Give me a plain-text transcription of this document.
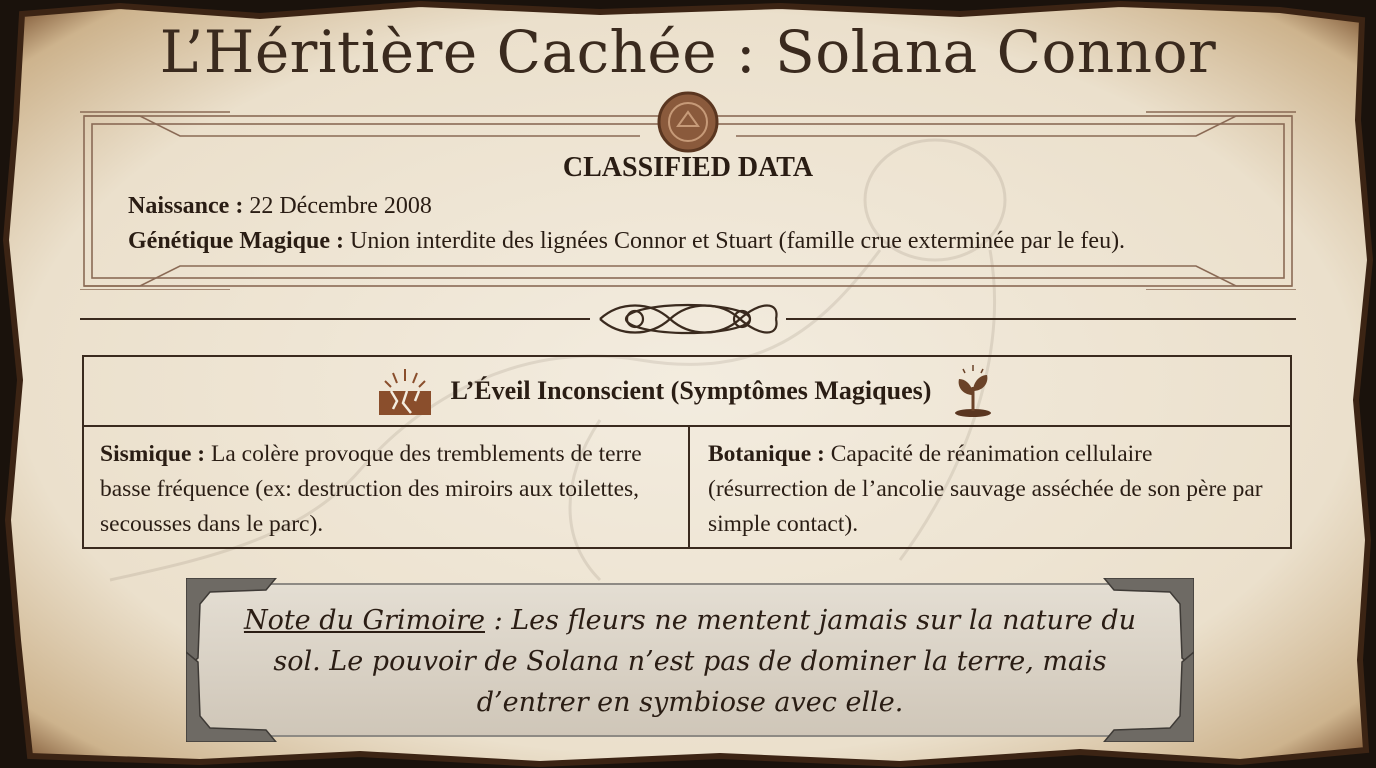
L’Héritière Cachée : Solana Connor
CLASSIFIED DATA
Naissance : 22 Décembre 2008
Génétique Magique : Union interdite des lignées Connor et Stuart (famille crue exterminée par le feu).
L’Éveil Inconscient (Symptômes Magiques)
Sismique : La colère provoque des tremblements de terre basse fréquence (ex: destruction des miroirs aux toilettes, secousses dans le parc).
Botanique : Capacité de réanimation cellulaire (résurrection de l’ancolie sauvage asséchée de son père par simple contact).
Note du Grimoire : Les fleurs ne mentent jamais sur la nature du sol. Le pouvoir de Solana n’est pas de dominer la terre, mais d’entrer en symbiose avec elle.
